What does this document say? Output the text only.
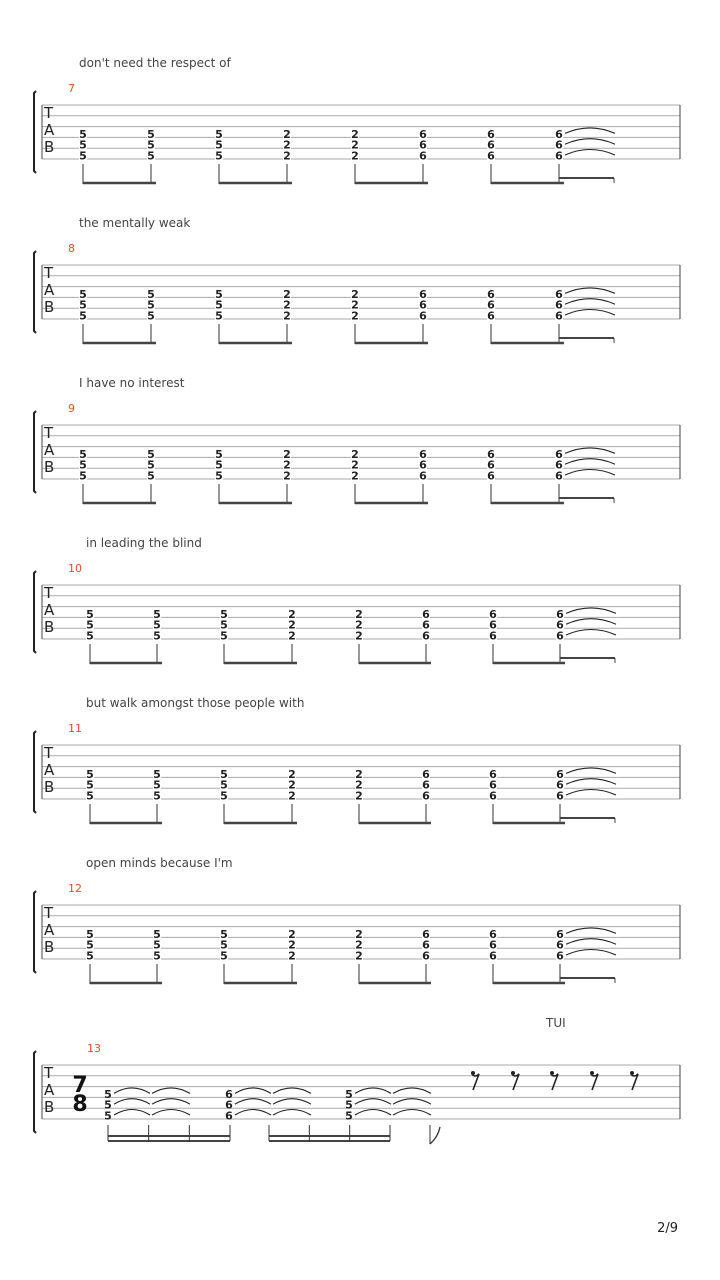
don't need the respect of
the mentally weak
I have no interest
in leading the blind
but walk amongst those people with
open minds because I'm
TUI
T
A
B
7
5
5
5
5
5
5
5
5
5
2
2
2
2
2
2
6
6
6
6
6
6
6
6
6
T
A
B
8
5
5
5
5
5
5
5
5
5
2
2
2
2
2
2
6
6
6
6
6
6
6
6
6
T
A
B
9
5
5
5
5
5
5
5
5
5
2
2
2
2
2
2
6
6
6
6
6
6
6
6
6
T
A
B
10
5
5
5
5
5
5
5
5
5
2
2
2
2
2
2
6
6
6
6
6
6
6
6
6
T
A
B
11
5
5
5
5
5
5
5
5
5
2
2
2
2
2
2
6
6
6
6
6
6
6
6
6
T
A
B
12
5
5
5
5
5
5
5
5
5
2
2
2
2
2
2
6
6
6
6
6
6
6
6
6
T
A
B
13
7
8 5
5
5
6
6
6
5
5
5
2/9
